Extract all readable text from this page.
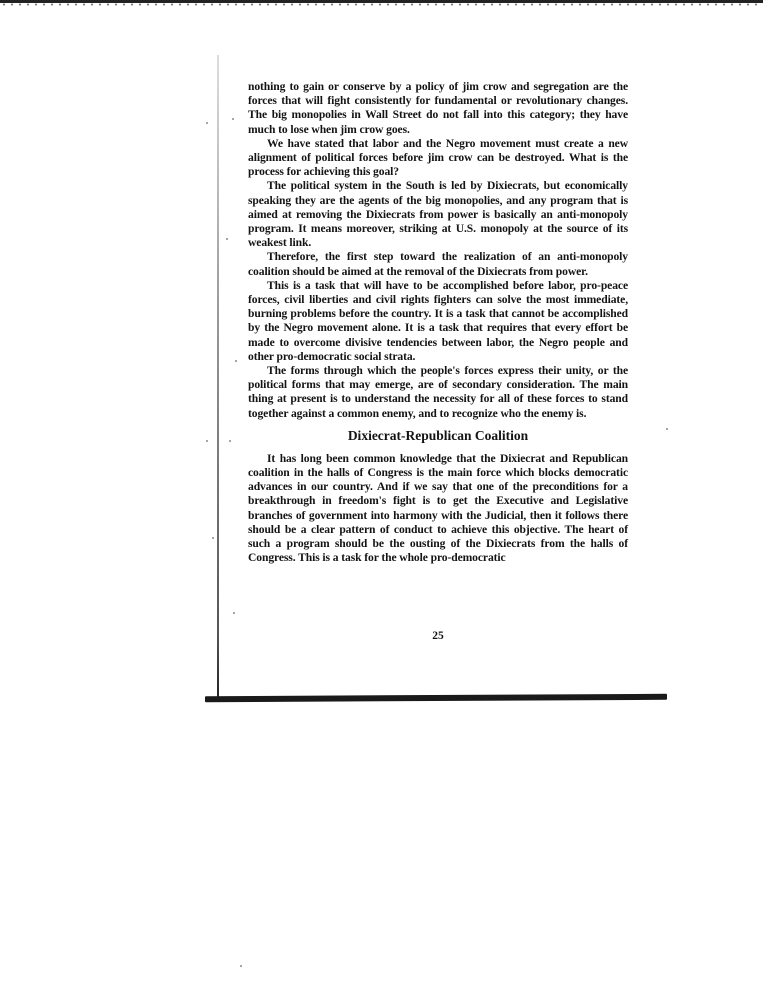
nothing to gain or conserve by a policy of jim crow and segregation are the forces that will fight consistently for fundamental or revolutionary changes. The big monopolies in Wall Street do not fall into this category; they have much to lose when jim crow goes.

We have stated that labor and the Negro movement must create a new alignment of political forces before jim crow can be destroyed. What is the process for achieving this goal?

The political system in the South is led by Dixiecrats, but economically speaking they are the agents of the big monopolies, and any program that is aimed at removing the Dixiecrats from power is basically an anti-monopoly program. It means moreover, striking at U.S. monopoly at the source of its weakest link.

Therefore, the first step toward the realization of an anti-monopoly coalition should be aimed at the removal of the Dixiecrats from power.

This is a task that will have to be accomplished before labor, pro-peace forces, civil liberties and civil rights fighters can solve the most immediate, burning problems before the country. It is a task that cannot be accomplished by the Negro movement alone. It is a task that requires that every effort be made to overcome divisive tendencies between labor, the Negro people and other pro-democratic social strata.

The forms through which the people's forces express their unity, or the political forms that may emerge, are of secondary consideration. The main thing at present is to understand the necessity for all of these forces to stand together against a common enemy, and to recognize who the enemy is.

Dixiecrat-Republican Coalition

It has long been common knowledge that the Dixiecrat and Republican coalition in the halls of Congress is the main force which blocks democratic advances in our country. And if we say that one of the preconditions for a breakthrough in freedom's fight is to get the Executive and Legislative branches of government into harmony with the Judicial, then it follows there should be a clear pattern of conduct to achieve this objective. The heart of such a program should be the ousting of the Dixiecrats from the halls of Congress. This is a task for the whole pro-democratic

25
